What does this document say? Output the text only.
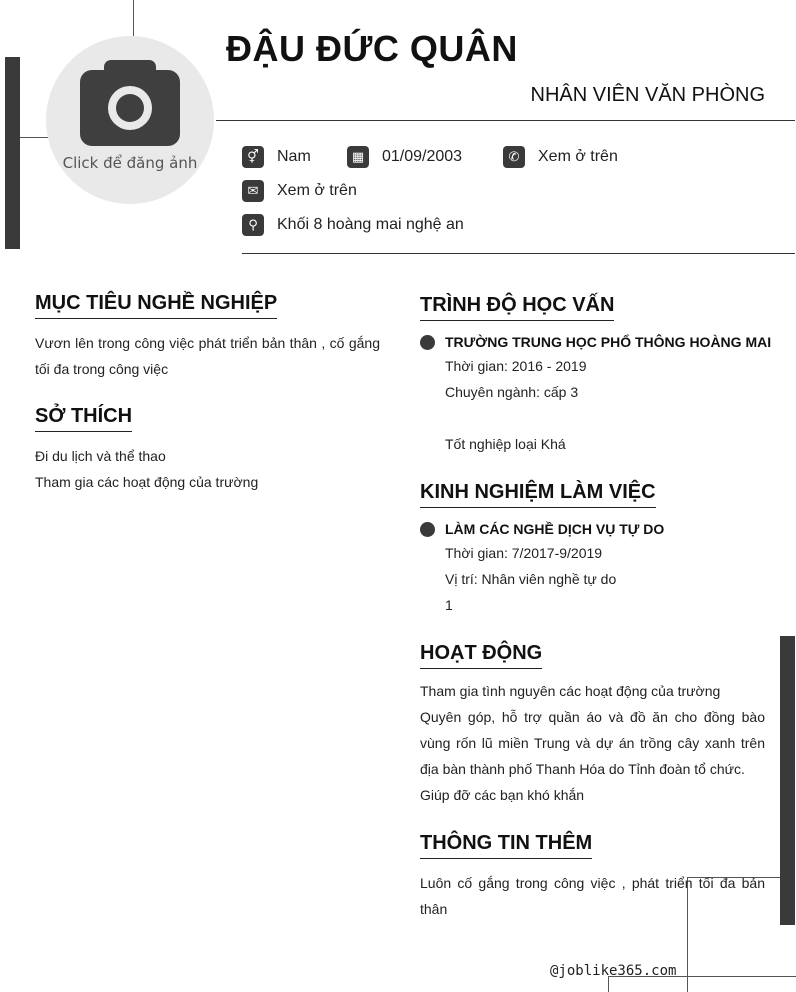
Click để đăng ảnh
ĐẬU ĐỨC QUÂN
NHÂN VIÊN VĂN PHÒNG
⚥	Nam	▦	01/09/2003	✆	Xem ở trên
✉	Xem ở trên
⚲	Khối 8 hoàng mai nghệ an
MỤC TIÊU NGHỀ NGHIỆP
Vươn lên trong công việc phát triển bản thân , cố gắng tối đa trong công việc
SỞ THÍCH
Đi du lịch và thể thao
Tham gia các hoạt động của trường
TRÌNH ĐỘ HỌC VẤN
TRƯỜNG TRUNG HỌC PHỔ THÔNG HOÀNG MAI
Thời gian: 2016 - 2019
Chuyên ngành: cấp 3
Tốt nghiệp loại Khá
KINH NGHIỆM LÀM VIỆC
LÀM CÁC NGHỀ DỊCH VỤ TỰ DO
Thời gian: 7/2017-9/2019
Vị trí: Nhân viên nghề tự do
1
HOẠT ĐỘNG
Tham gia tình nguyên các hoạt động của trường
Quyên góp, hỗ trợ quần áo và đồ ăn cho đồng bào vùng rốn lũ miền Trung và dự án trồng cây xanh trên địa bàn thành phố Thanh Hóa do Tỉnh đoàn tổ chức.
Giúp đỡ các bạn khó khắn
THÔNG TIN THÊM
Luôn cố gắng trong công việc , phát triển tối đa bản thân
@joblike365.com
